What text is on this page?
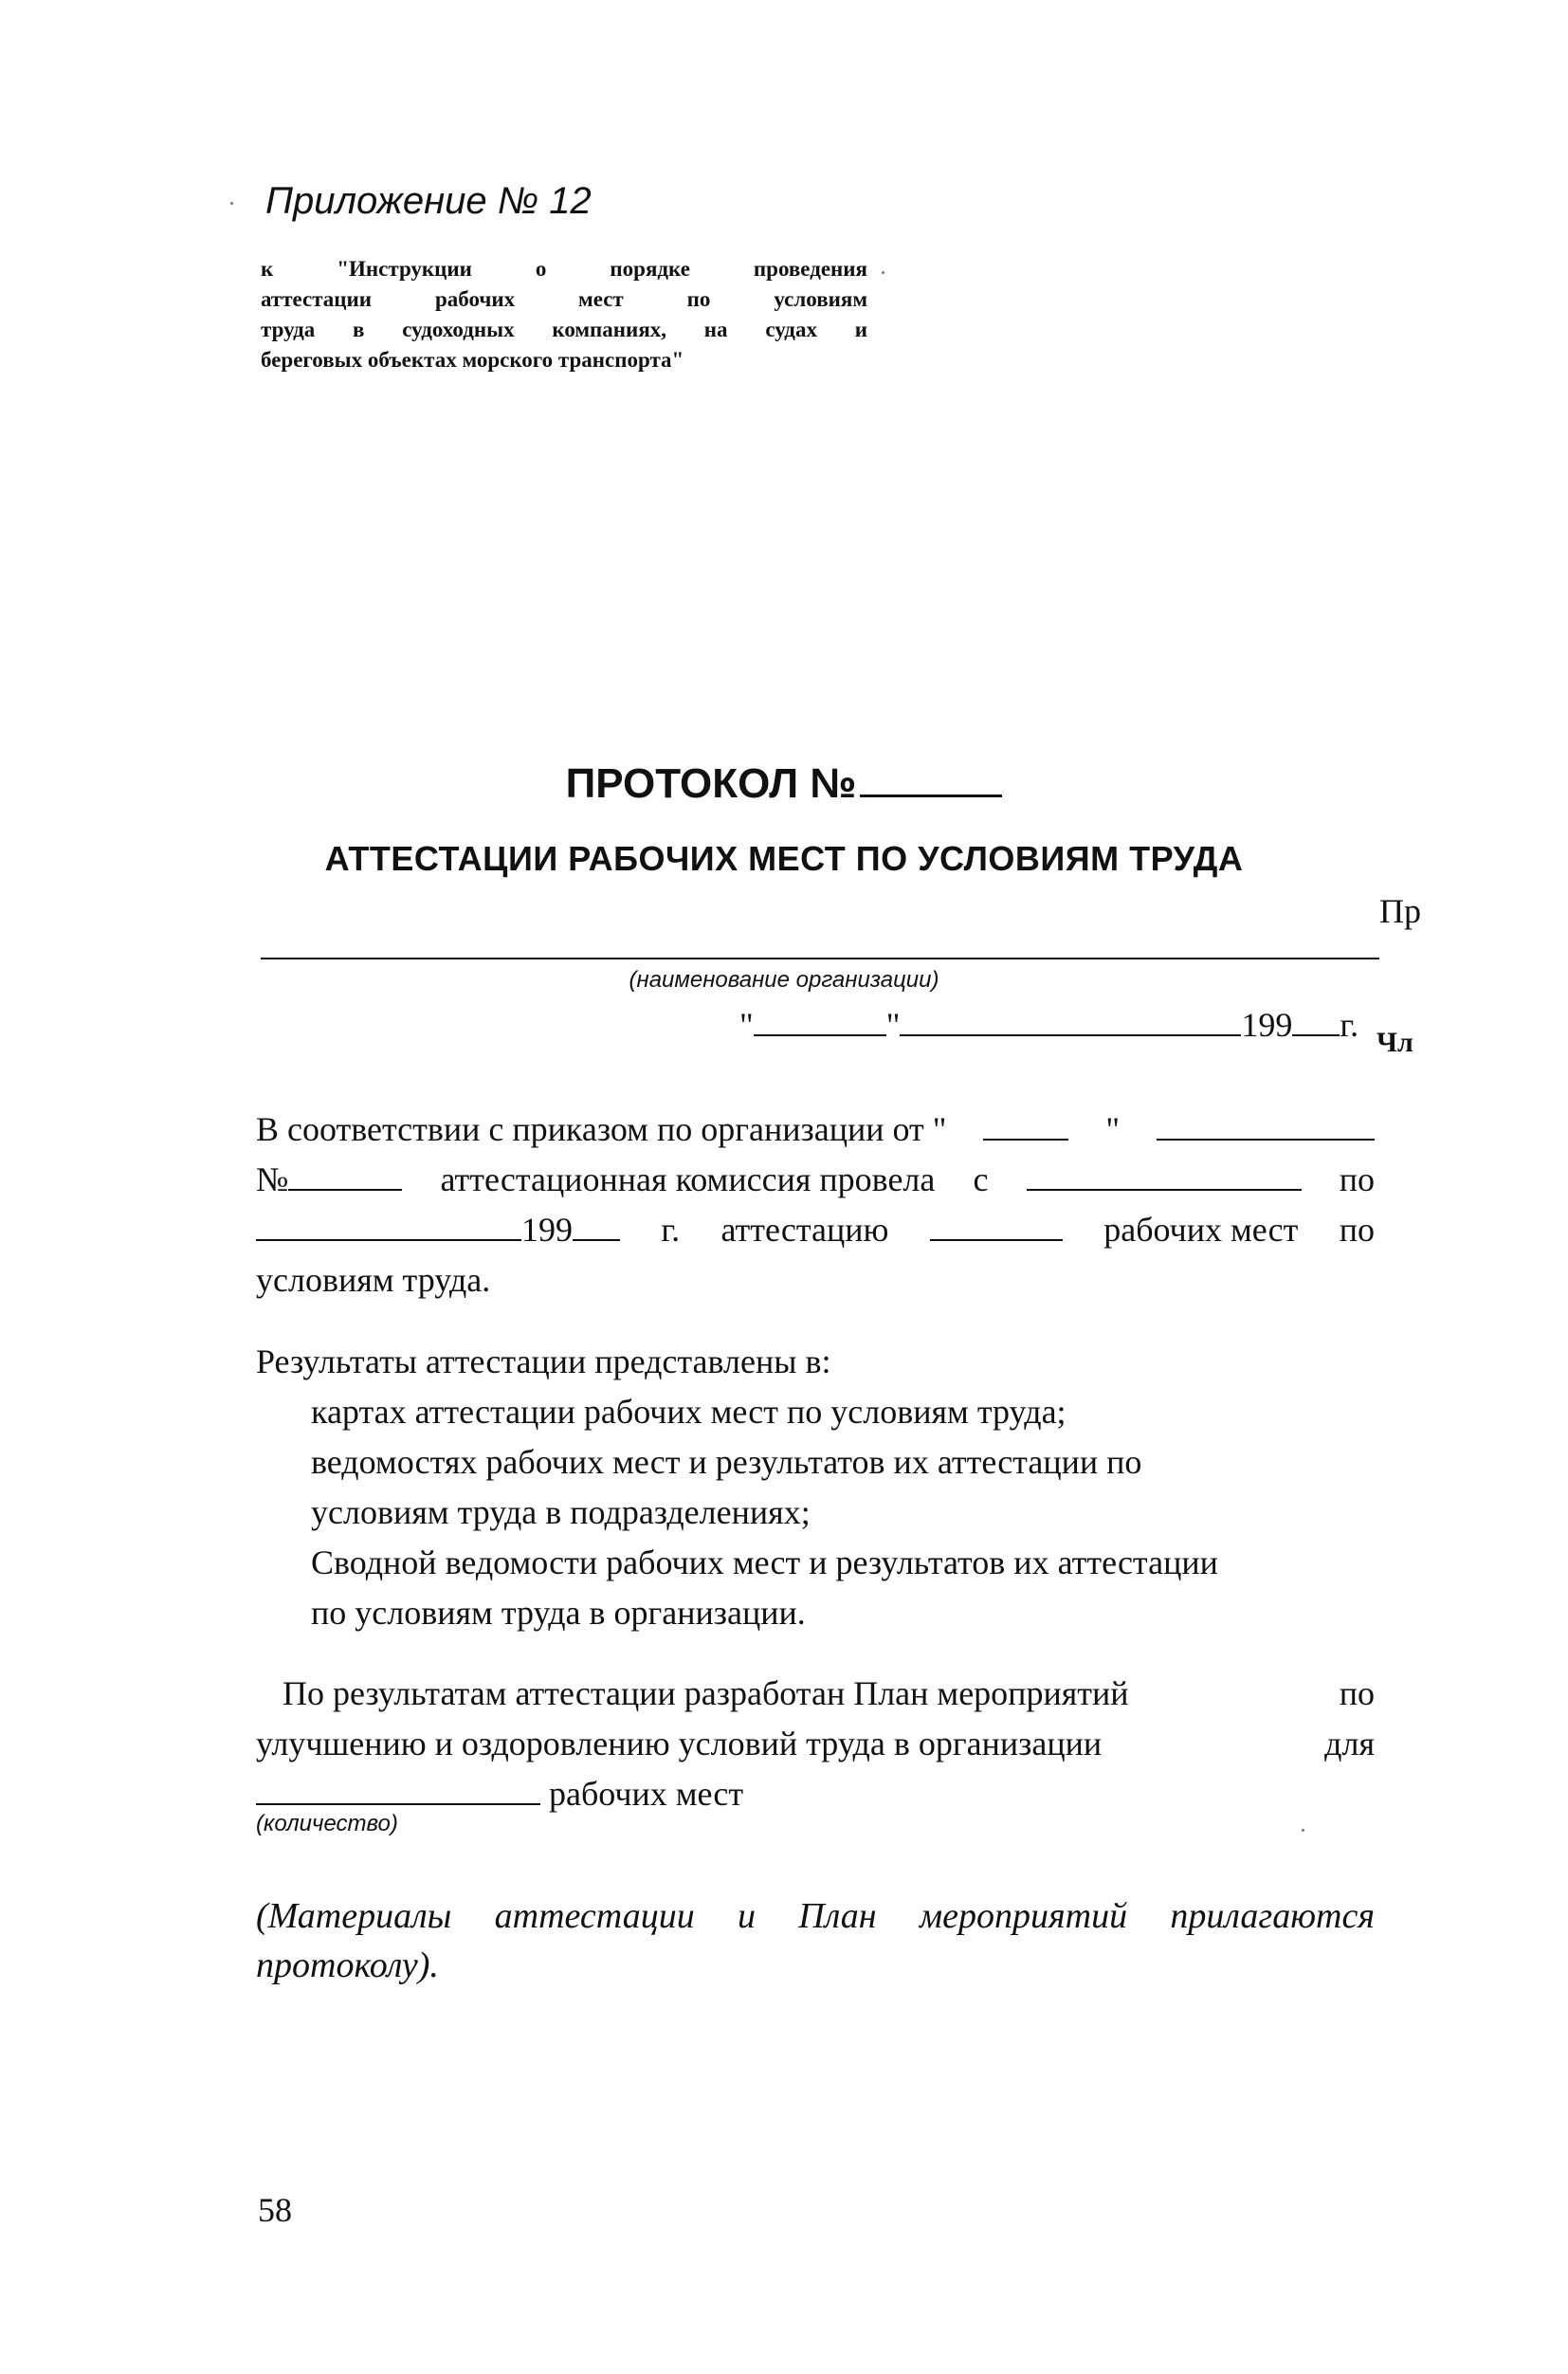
Приложение № 12
к "Инструкции о порядке проведения
аттестации рабочих мест по условиям
труда в судоходных компаниях, на судах и
береговых объектах морского транспорта"
ПРОТОКОЛ №
АТТЕСТАЦИИ РАБОЧИХ МЕСТ ПО УСЛОВИЯМ ТРУДА
Пр
(наименование организации)
"	"	199 г. Чл
В соответствии с приказом по организации от "	"
№	аттестационная комиссия провела с	по
199	г. аттестацию	рабочих мест по
условиям труда.
Результаты аттестации представлены в:
картах аттестации рабочих мест по условиям труда;
ведомостях рабочих мест и результатов их аттестации по
условиям труда в подразделениях;
Сводной ведомости рабочих мест и результатов их аттестации
по условиям труда в организации.
По результатам аттестации разработан План мероприятий	по
улучшению и оздоровлению условий труда в организации	для
рабочих мест
(количество)
(Материалы аттестации и План мероприятий прилагаются протоколу).
58
